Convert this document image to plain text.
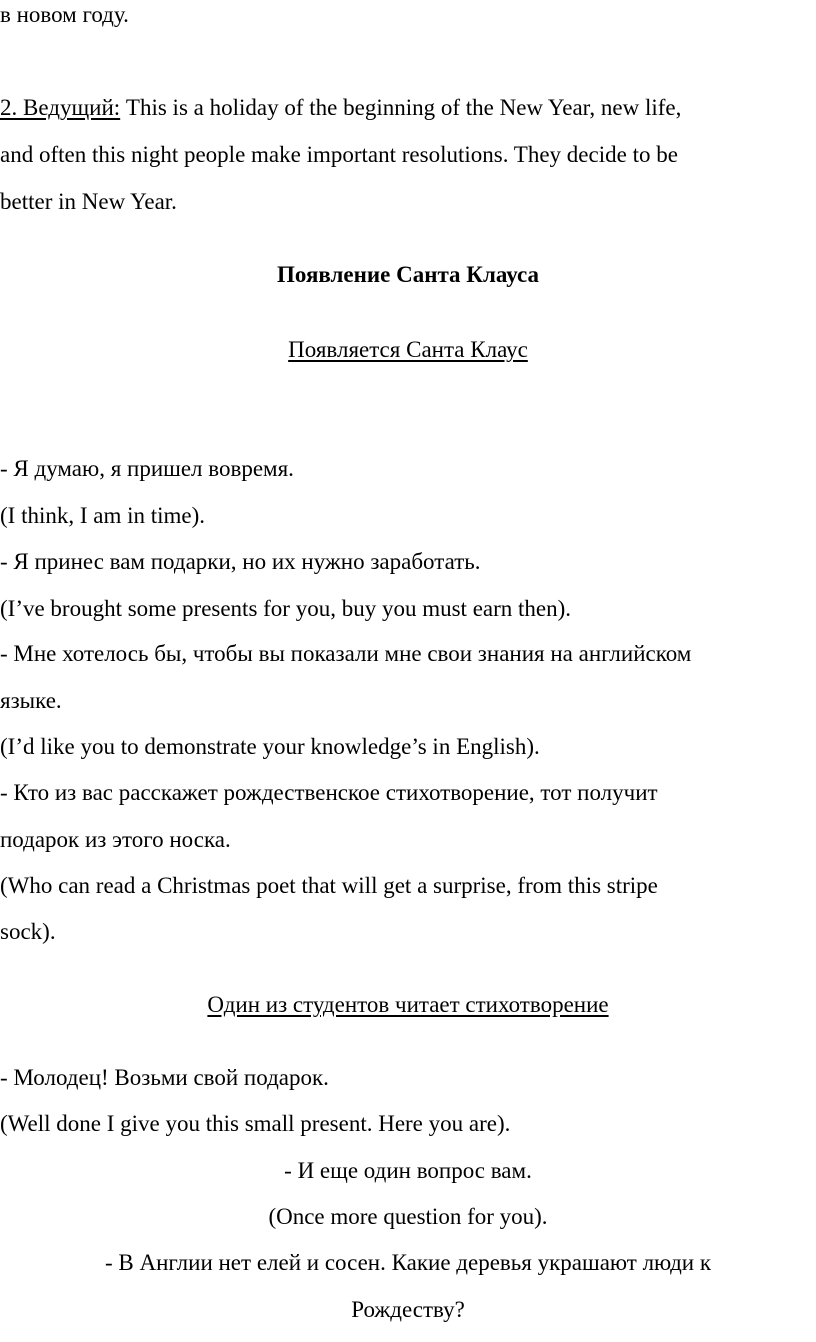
в новом году.
2. Ведущий: This is a holiday of the beginning of the New Year, new life,
and often this night people make important resolutions. They decide to be
better in New Year.
Появление Санта Клауса
Появляется Санта Клаус
- Я думаю, я пришел вовремя.
(I think, I am in time).
- Я принес вам подарки, но их нужно заработать.
(I’ve brought some presents for you, buy you must earn then).
- Мне хотелось бы, чтобы вы показали мне свои знания на английском
языке.
(I’d like you to demonstrate your knowledge’s in English).
- Кто из вас расскажет рождественское стихотворение, тот получит
подарок из этого носка.
(Who can read a Christmas poet that will get a surprise, from this stripe
sock).
Один из студентов читает стихотворение
- Молодец! Возьми свой подарок.
(Well done I give you this small present. Here you are).
- И еще один вопрос вам.
(Once more question for you).
- В Англии нет елей и сосен. Какие деревья украшают люди к
Рождеству?
